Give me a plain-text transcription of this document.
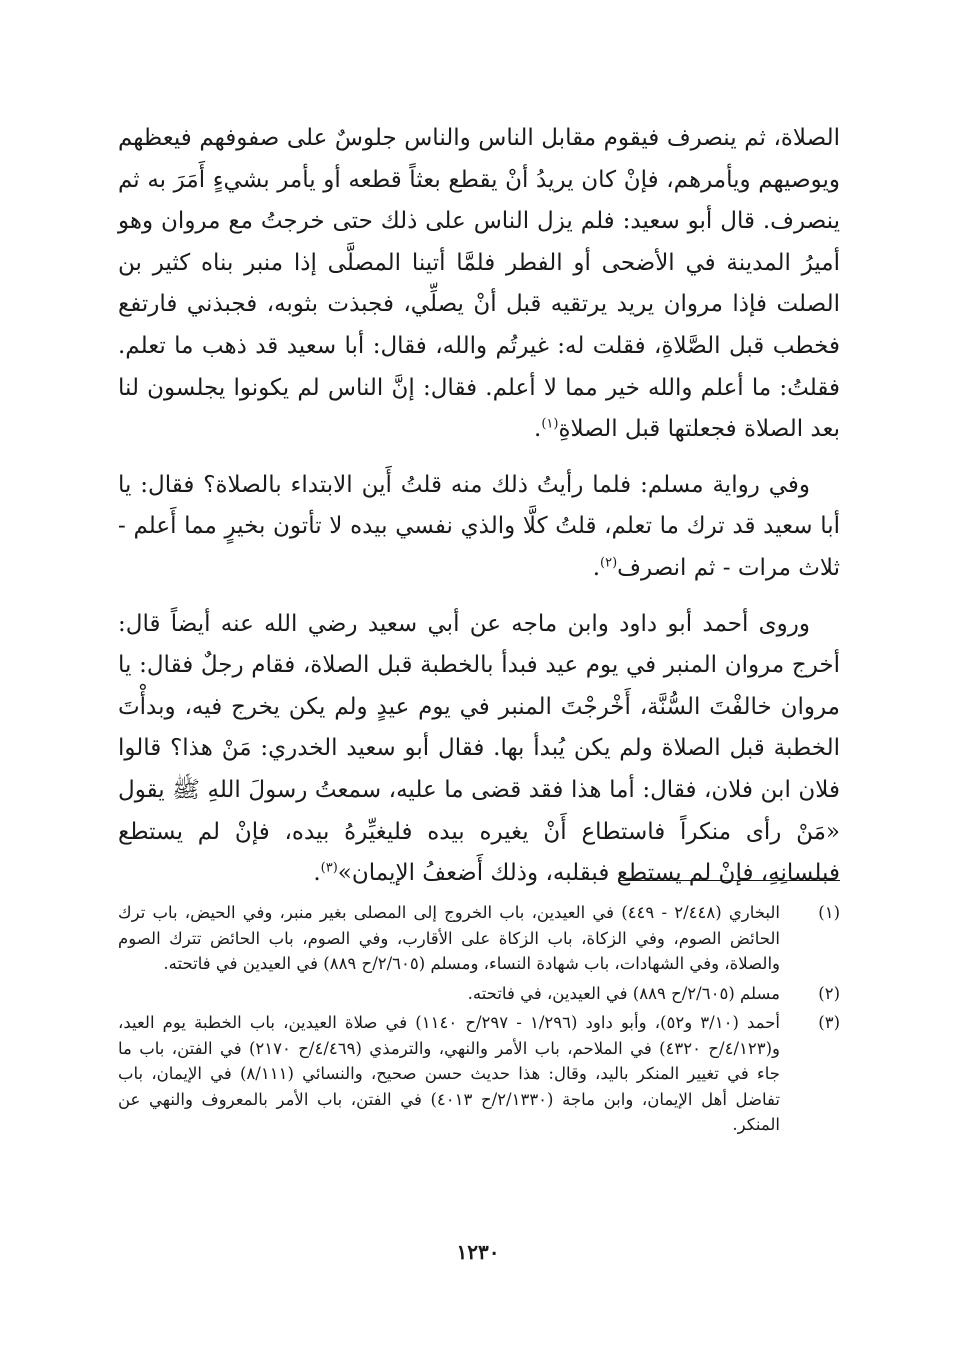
الصلاة، ثم ينصرف فيقوم مقابل الناس والناس جلوسٌ على صفوفهم فيعظهم ويوصيهم ويأمرهم، فإنْ كان يريدُ أنْ يقطع بعثاً قطعه أو يأمر بشيءٍ أَمَرَ به ثم ينصرف. قال أبو سعيد: فلم يزل الناس على ذلك حتى خرجتُ مع مروان وهو أميرُ المدينة في الأضحى أو الفطر فلمَّا أتينا المصلَّى إذا منبر بناه كثير بن الصلت فإذا مروان يريد يرتقيه قبل أنْ يصلِّي، فجبذت بثوبه، فجبذني فارتفع فخطب قبل الصَّلاةِ، فقلت له: غيرتُم والله، فقال: أبا سعيد قد ذهب ما تعلم. فقلتُ: ما أعلم والله خير مما لا أعلم. فقال: إنَّ الناس لم يكونوا يجلسون لنا بعد الصلاة فجعلتها قبل الصلاةِ$^{(١)}$.

وفي رواية مسلم: فلما رأيتُ ذلك منه قلتُ أَين الابتداء بالصلاة؟ فقال: يا أبا سعيد قد ترك ما تعلم، قلتُ كلَّا والذي نفسي بيده لا تأتون بخيرٍ مما أَعلم - ثلاث مرات - ثم انصرف$^{(٢)}$.

وروى أحمد أبو داود وابن ماجه عن أبي سعيد رضي الله عنه أيضاً قال: أخرج مروان المنبر في يوم عيد فبدأ بالخطبة قبل الصلاة، فقام رجلٌ فقال: يا مروان خالفْتَ السُّنَّة، أَخْرجْتَ المنبر في يوم عيدٍ ولم يكن يخرج فيه، وبدأْتَ الخطبة قبل الصلاة ولم يكن يُبدأ بها. فقال أبو سعيد الخدري: مَنْ هذا؟ قالوا فلان ابن فلان، فقال: أما هذا فقد قضى ما عليه، سمعتُ رسولَ اللهِ ﷺ يقول «مَنْ رأى منكراً فاستطاع أَنْ يغيره بيده فليغيِّرهُ بيده، فإنْ لم يستطع فبلسانِهِ، فإنْ لم يستطع فبقلبه، وذلك أَضعفُ الإيمان»$^{(٣)}$.

(١)
البخاري (٢/٤٤٨ - ٤٤٩) في العيدين، باب الخروج إلى المصلى بغير منبر، وفي الحيض، باب ترك الحائض الصوم، وفي الزكاة، باب الزكاة على الأقارب، وفي الصوم، باب الحائض تترك الصوم والصلاة، وفي الشهادات، باب شهادة النساء، ومسلم (٢/٦٠٥/ح ٨٨٩) في العيدين في فاتحته.
(٢)
مسلم (٢/٦٠٥/ح ٨٨٩) في العيدين، في فاتحته.
(٣)
أحمد (٣/١٠ و٥٢)، وأبو داود (١/٢٩٦ - ٢٩٧/ح ١١٤٠) في صلاة العيدين، باب الخطبة يوم العيد، و(٤/١٢٣/ح ٤٣٢٠) في الملاحم، باب الأمر والنهي، والترمذي (٤/٤٦٩/ح ٢١٧٠) في الفتن، باب ما جاء في تغيير المنكر باليد، وقال: هذا حديث حسن صحيح، والنسائي (٨/١١١) في الإيمان، باب تفاضل أهل الإيمان، وابن ماجة (٢/١٣٣٠/ح ٤٠١٣) في الفتن، باب الأمر بالمعروف والنهي عن المنكر.
١٢٣٠
